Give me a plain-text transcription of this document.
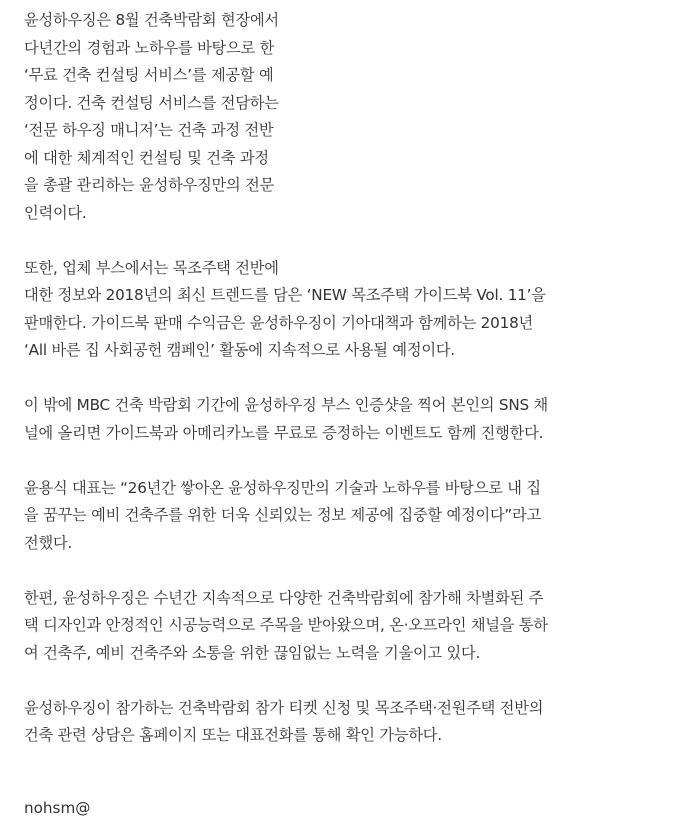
윤성하우징은 8월 건축박람회 현장에서
다년간의 경험과 노하우를 바탕으로 한
‘무료 건축 컨설팅 서비스’를 제공할 예
정이다. 건축 컨설팅 서비스를 전담하는
‘전문 하우징 매니저’는 건축 과정 전반
에 대한 체계적인 컨설팅 및 건축 과정
을 총괄 관리하는 윤성하우징만의 전문
인력이다.
또한, 업체 부스에서는 목조주택 전반에
대한 정보와 2018년의 최신 트렌드를 담은 ‘NEW 목조주택 가이드북 Vol. 11’을
판매한다. 가이드북 판매 수익금은 윤성하우징이 기아대책과 함께하는 2018년
‘All 바른 집 사회공헌 캠페인’ 활동에 지속적으로 사용될 예정이다.
이 밖에 MBC 건축 박람회 기간에 윤성하우징 부스 인증샷을 찍어 본인의 SNS 채
널에 올리면 가이드북과 아메리카노를 무료로 증정하는 이벤트도 함께 진행한다.
윤용식 대표는 “26년간 쌓아온 윤성하우징만의 기술과 노하우를 바탕으로 내 집
을 꿈꾸는 예비 건축주를 위한 더욱 신뢰있는 정보 제공에 집중할 예정이다”라고
전했다.
한편, 윤성하우징은 수년간 지속적으로 다양한 건축박람회에 참가해 차별화된 주
택 디자인과 안정적인 시공능력으로 주목을 받아왔으며, 온·오프라인 채널을 통하
여 건축주, 예비 건축주와 소통을 위한 끊임없는 노력을 기울이고 있다.
윤성하우징이 참가하는 건축박람회 참가 티켓 신청 및 목조주택·전원주택 전반의
건축 관련 상담은 홈페이지 또는 대표전화를 통해 확인 가능하다.
nohsm@
